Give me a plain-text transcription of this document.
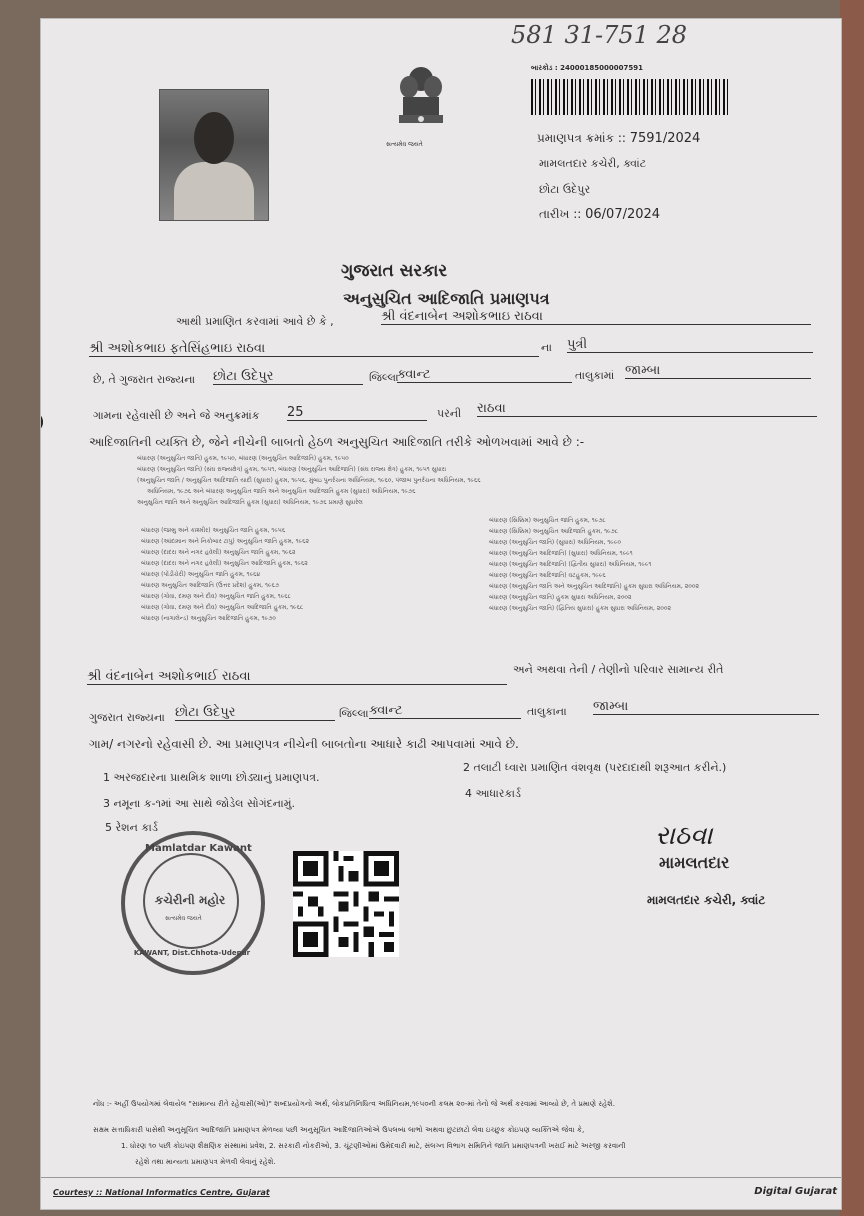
581 31-751 28
સત્યમેવ જયતે
બારકોડ : 24000185000007591
પ્રમાણપત્ર ક્રમાંક :: 7591/2024
મામલતદાર કચેરી, ક્વાંટ
છોટા ઉદેપુર
તારીખ :: 06/07/2024
ગુજરાત સરકાર
અનુસુચિત આદિજાતિ પ્રમાણપત્ર
આથી પ્રમાણિત કરવામાં આવે છે કે ,	શ્રી વંદનાબેન અશોકભાઇ રાઠવા
શ્રી અશોકભાઇ ફતેસિંહભાઇ રાઠવા	ના પુત્રી
છે, તે ગુજરાત રાજ્યના છોટા ઉદેપુર	જિલ્લા
ક્વાન્ટ	તાલુકામાં જામ્બા
ગામના રહેવાસી છે અને જે અનુક્રમાંક 25	પરની રાઠવા
આદિજાતિની વ્યક્તિ છે, જેને નીચેની બાબતો હેઠળ અનુસુચિત આદિજાતિ તરીકે ઓળખવામાં આવે છે :-
બંધારણ (અનુસુચિત જાતિ) હુકમ, ૧૯૫૦, બંધારણ (અનુસુચિત આદિજાતિ) હુકમ, ૧૯૫૦
બંધારણ (અનુસુચિત જાતિ) (સંઘ રાજ્યક્ષેત્ર) હુકમ, ૧૯૫૧, બંધારણ (અનુસુચિત આદિજાતિ) (સંઘ રાજ્ય ક્ષેત્ર) હુકમ, ૧૯૫૧ સુધારા
(અનુસુચિત જાતિ / અનુસુચિત આદિજાતિ યાદી (સુધારા) હુકમ, ૧૯૫૬, મુંબઇ પુનર્રચના અધિનિયમ, ૧૯૬૦, પંજાબ પુનર્રચના અધિનિયમ, ૧૯૬૬
અધિનિયમ, ૧૯૭૬ અને બંધારણ અનુસુચિત જાતિ અને અનુસુચિત આદિજાતિ હુકમ (સુધારા) અધિનિયમ, ૧૯૭૬
અનુસુચિત જાતિ અને અનુસુચિત આદિજાતિ હુકમ (સુધારા) અધિનિયમ, ૧૯૭૬ પ્રમાણે સુધારેલ
બંધારણ (જમ્મુ અને કાશ્મીર) અનુસુચિત જાતિ હુકમ, ૧૯૫૬
બંધારણ (આંદામાન અને નિકોબાર ટાપુ) અનુસુચિત જાતિ હુકમ, ૧૯૬૨
બંધારણ (દાદરા અને નગર હવેલી) અનુસુચિત જાતિ હુકમ, ૧૯૬૨
બંધારણ (દાદરા અને નગર હવેલી) અનુસુચિત આદિજાતિ હુકમ, ૧૯૬૨
બંધારણ (પોંડીચેરી) અનુસુચિત જાતિ હુકમ, ૧૯૬૪
બંધારણ અનુસુચિત આદિજાતિ (ઉત્તર પ્રદેશ) હુકમ, ૧૯૬૭
બંધારણ (ગોવા, દમણ અને દીવ) અનુસુચિત જાતિ હુકમ, ૧૯૬૮
બંધારણ (ગોવા, દમણ અને દીવ) અનુસુચિત આદિજાતિ હુકમ, ૧૯૬૮
બંધારણ (નાગાલેન્ડ) અનુસુચિત આદિજાતિ હુકમ, ૧૯૭૦
બંધારણ (સિક્કિમ) અનુસુચિત જાતિ હુકમ, ૧૯૭૮
બંધારણ (સિક્કિમ) અનુસુચિત આદિજાતિ હુકમ, ૧૯૭૮
બંધારણ (અનુસુચિત જાતિ) (સુધારા) અધિનિયમ, ૧૯૯૦
બંધારણ (અનુસુચિત આદિજાતિ) (સુધારા) અધિનિયમ, ૧૯૯૧
બંધારણ (અનુસુચિત આદિજાતિ) (દ્વિતીય સુધારા) અધિનિયમ, ૧૯૯૧
બંધારણ (અનુસુચિત આદિજાતિ) વટહુકમ, ૧૯૯૬
બંધારણ (અનુસુચિત જાતિ અને અનુસુચિત આદિજાતિ) હુકમ સુધારા અધિનિયમ, ૨૦૦૨
બંધારણ (અનુસુચિત જાતિ) હુકમ સુધારા અધિનિયમ, ૨૦૦૨
બંધારણ (અનુસુચિત જાતિ) (દ્વિતિય સુધારા) હુકમ સુધારા અધિનિયમ, ૨૦૦૨
શ્રી વંદનાબેન અશોકભાઈ રાઠવા	અને અથવા તેની / તેણીનો પરિવાર સામાન્ય રીતે
ગુજરાત રાજ્યના છોટા ઉદેપુર	જિલ્લા ક્વાન્ટ	તાલુકાના જામ્બા
ગામ/ નગરનો રહેવાસી છે. આ પ્રમાણપત્ર નીચેની બાબતોના આધારે કાઢી આપવામાં આવે છે.
1 અરજદારના પ્રાથમિક શાળા છોડ્યાનું પ્રમાણપત્ર.
2 તલાટી ધ્વારા પ્રમાણિત વંશવૃક્ષ (પરદાદાથી શરૂઆત કરીને.)
3 નમૂના ક-૧માં આ સાથે જોડેલ સોગંદનામું.
4 આધારકાર્ડ
5 રેશન કાર્ડ	રાઠવા
મામલતદાર
મામલતદાર કચેરી, ક્વાંટ
Mamlatdar Kawant
કચેરીની મહોર
સત્યમેવ જયતે
KAWANT, Dist.Chhota-Udepur
નોંધ :- અહીં ઉપયોગમાં લેવાયેલ "સામાન્ય રીતે રહેવાસી(ઓ)" શબ્દપ્રયોગનો અર્થ, લોકપ્રતિનિધિત્વ અધિનિયમ,૧૯૫૦ની કલમ ૨૦-માં તેનો જે અર્થ કરવામાં આવ્યો છે, તે પ્રમાણે રહેશે.
સક્ષમ સત્તાધિકારી પાસેથી અનુસૂચિત આદિજાતિ પ્રમાણપત્ર મેળવ્યા પછી અનુસૂચિત આદિજાતિઓએ ઉપલબ્ધ લાભો અથવા છુટછાટો લેવા ઇચ્છુક કોઇપણ વ્યક્તિએ જેવા કે,
1. ધોરણ ૧૦ પછી કોઇપણ શૈક્ષણિક સંસ્થામાં પ્રવેશ, 2. સરકારી નોકરીઓ, 3. ચૂંટણીઓમાં ઉમેદવારી માટે, સંલગ્ન વિભાગ સમિતિને જાતિ પ્રમાણપત્રની ખરાઈ માટે અરજી કરવાની
રહેશે તથા માન્યતા પ્રમાણપત્ર મેળવી લેવાનું રહેશે.
Courtesy :: National Informatics Centre, Gujarat	Digital Gujarat
